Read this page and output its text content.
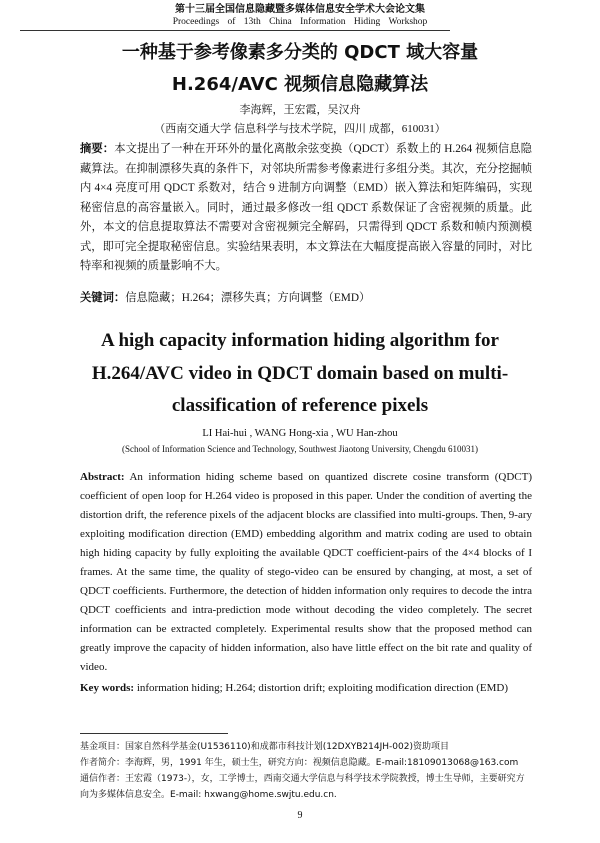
第十三届全国信息隐藏暨多媒体信息安全学术大会论文集
Proceedings of 13th China Information Hiding Workshop
一种基于参考像素多分类的 QDCT 域大容量
H.264/AVC 视频信息隐藏算法
李海辉，王宏霞，吴汉舟
（西南交通大学 信息科学与技术学院，四川 成都，610031）
摘要：本文提出了一种在开环外的量化离散余弦变换（QDCT）系数上的 H.264 视频信息隐藏算法。在抑制漂移失真的条件下，对邻块所需参考像素进行多组分类。其次，充分挖掘帧内 4×4 亮度可用 QDCT 系数对，结合 9 进制方向调整（EMD）嵌入算法和矩阵编码，实现秘密信息的高容量嵌入。同时，通过最多修改一组 QDCT 系数保证了含密视频的质量。此外，本文的信息提取算法不需要对含密视频完全解码，只需得到 QDCT 系数和帧内预测模式，即可完全提取秘密信息。实验结果表明，本文算法在大幅度提高嵌入容量的同时，对比特率和视频的质量影响不大。
关键词：信息隐藏；H.264；漂移失真；方向调整（EMD）
A high capacity information hiding algorithm for
H.264/AVC video in QDCT domain based on multi-
classification of reference pixels
LI Hai-hui , WANG Hong-xia , WU Han-zhou
(School of Information Science and Technology, Southwest Jiaotong University, Chengdu 610031)
Abstract: An information hiding scheme based on quantized discrete cosine transform (QDCT) coefficient of open loop for H.264 video is proposed in this paper. Under the condition of averting the distortion drift, the reference pixels of the adjacent blocks are classified into multi-groups. Then, 9-ary exploiting modification direction (EMD) embedding algorithm and matrix coding are used to obtain high hiding capacity by fully exploiting the available QDCT coefficient-pairs of the 4×4 blocks of I frames. At the same time, the quality of stego-video can be ensured by changing, at most, a set of QDCT coefficients. Furthermore, the detection of hidden information only requires to decode the intra QDCT coefficients and intra-prediction mode without decoding the video completely. The secret information can be extracted completely. Experimental results show that the proposed method can greatly improve the capacity of hidden information, also have little effect on the bit rate and quality of video.
Key words: information hiding; H.264; distortion drift; exploiting modification direction (EMD)
基金项目：国家自然科学基金(U1536110)和成都市科技计划(12DXYB214JH-002)资助项目
作者简介：李海辉，男，1991 年生，硕士生，研究方向：视频信息隐藏。E-mail:18109013068@163.com
通信作者：王宏霞（1973-），女，工学博士，西南交通大学信息与科学技术学院教授，博士生导师，主要研究方向为多媒体信息安全。E-mail: hxwang@home.swjtu.edu.cn.
9
